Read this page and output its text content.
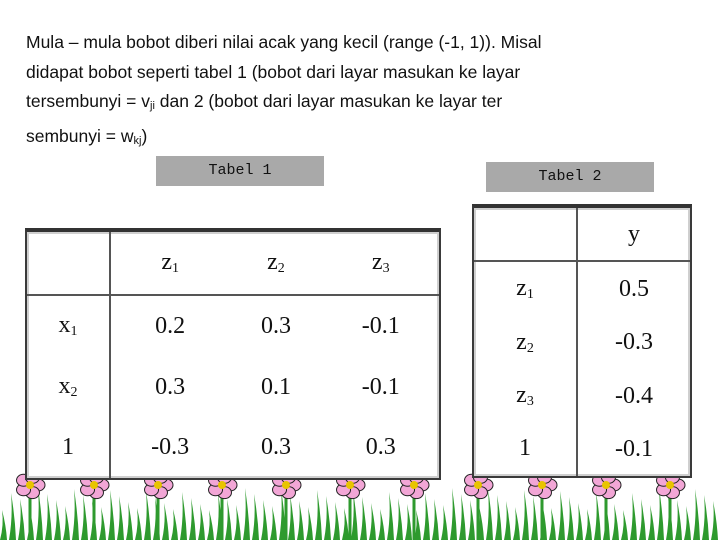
Mula – mula bobot diberi nilai acak yang kecil (range (-1, 1)). Misal
didapat bobot seperti tabel 1 (bobot dari layar masukan ke layar
tersembunyi = $v_{ji}$ dan 2 (bobot dari layar masukan ke layar ter
sembunyi = $w_{kj}$)
Tabel 1	Tabel 2
	$z_1$	$z_2$	$z_3$
$x_1$	0.2	0.3	-0.1
$x_2$	0.3	0.1	-0.1
1	-0.3	0.3	0.3
	y
$z_1$	0.5
$z_2$	-0.3
$z_3$	-0.4
1	-0.1
